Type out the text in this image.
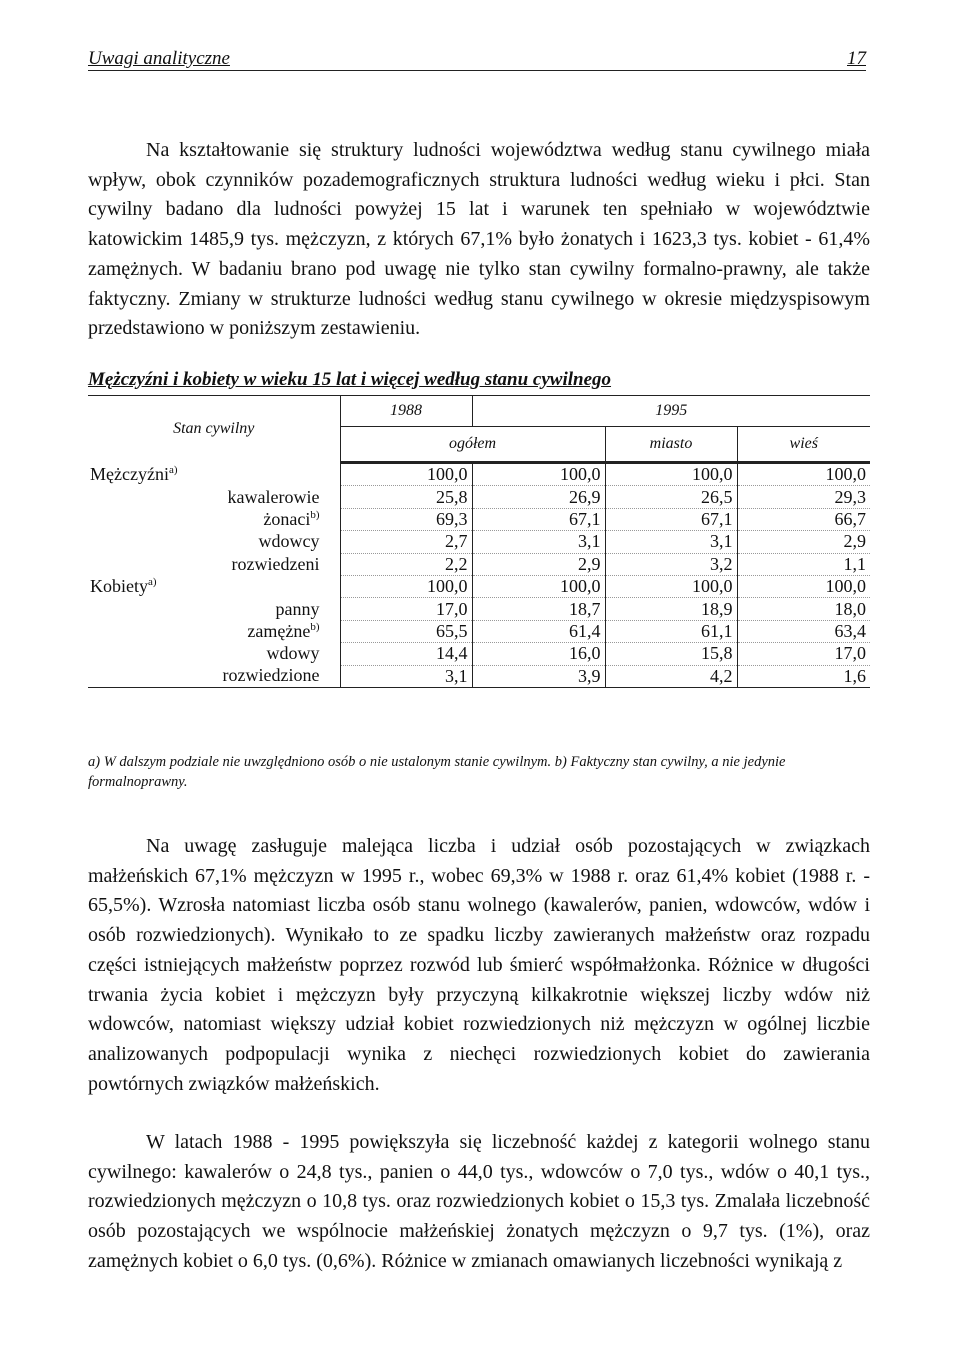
Uwagi analityczne	17

Na kształtowanie się struktury ludności województwa według stanu cywilnego miała wpływ, obok czynników pozademograficznych struktura ludności według wieku i płci. Stan cywilny badano dla ludności powyżej 15 lat i warunek ten spełniało w województwie katowickim 1485,9 tys. mężczyzn, z których 67,1% było żonatych i 1623,3 tys. kobiet - 61,4% zamężnych. W badaniu brano pod uwagę nie tylko stan cywilny formalno-prawny, ale także faktyczny. Zmiany w strukturze ludności według stanu cywilnego w okresie międzyspisowym przedstawiono w poniższym zestawieniu.

Mężczyźni i kobiety w wieku 15 lat i więcej według stanu cywilnego
Stan cywilny	1988	1995		
	ogółem		miasto	wieś
Mężczyźni$^{a)}$	100,0	100,0	100,0	100,0
kawalerowie	25,8	26,9	26,5	29,3
żonaci$^{b)}$	69,3	67,1	67,1	66,7
wdowcy	2,7	3,1	3,1	2,9
rozwiedzeni	2,2	2,9	3,2	1,1
Kobiety$^{a)}$	100,0	100,0	100,0	100,0
panny	17,0	18,7	18,9	18,0
zamężne$^{b)}$	65,5	61,4	61,1	63,4
wdowy	14,4	16,0	15,8	17,0
rozwiedzione	3,1	3,9	4,2	1,6

a) W dalszym podziale nie uwzględniono osób o nie ustalonym stanie cywilnym. b) Faktyczny stan cywilny, a nie jedynie formalnoprawny.

Na uwagę zasługuje malejąca liczba i udział osób pozostających w związkach małżeńskich 67,1% mężczyzn w 1995 r., wobec 69,3% w 1988 r. oraz 61,4% kobiet (1988 r. - 65,5%). Wzrosła natomiast liczba osób stanu wolnego (kawalerów, panien, wdowców, wdów i osób rozwiedzionych). Wynikało to ze spadku liczby zawieranych małżeństw oraz rozpadu części istniejących małżeństw poprzez rozwód lub śmierć współmałżonka. Różnice w długości trwania życia kobiet i mężczyzn były przyczyną kilkakrotnie większej liczby wdów niż wdowców, natomiast większy udział kobiet rozwiedzionych niż mężczyzn w ogólnej liczbie analizowanych podpopulacji wynika z niechęci rozwiedzionych kobiet do zawierania powtórnych związków małżeńskich.

W latach 1988 - 1995 powiększyła się liczebność każdej z kategorii wolnego stanu cywilnego: kawalerów o 24,8 tys., panien o 44,0 tys., wdowców o 7,0 tys., wdów o 40,1 tys., rozwiedzionych mężczyzn o 10,8 tys. oraz rozwiedzionych kobiet o 15,3 tys. Zmalała liczebność osób pozostających we wspólnocie małżeńskiej żonatych mężczyzn o 9,7 tys. (1%), oraz zamężnych kobiet o 6,0 tys. (0,6%). Różnice w zmianach omawianych liczebności wynikają z
